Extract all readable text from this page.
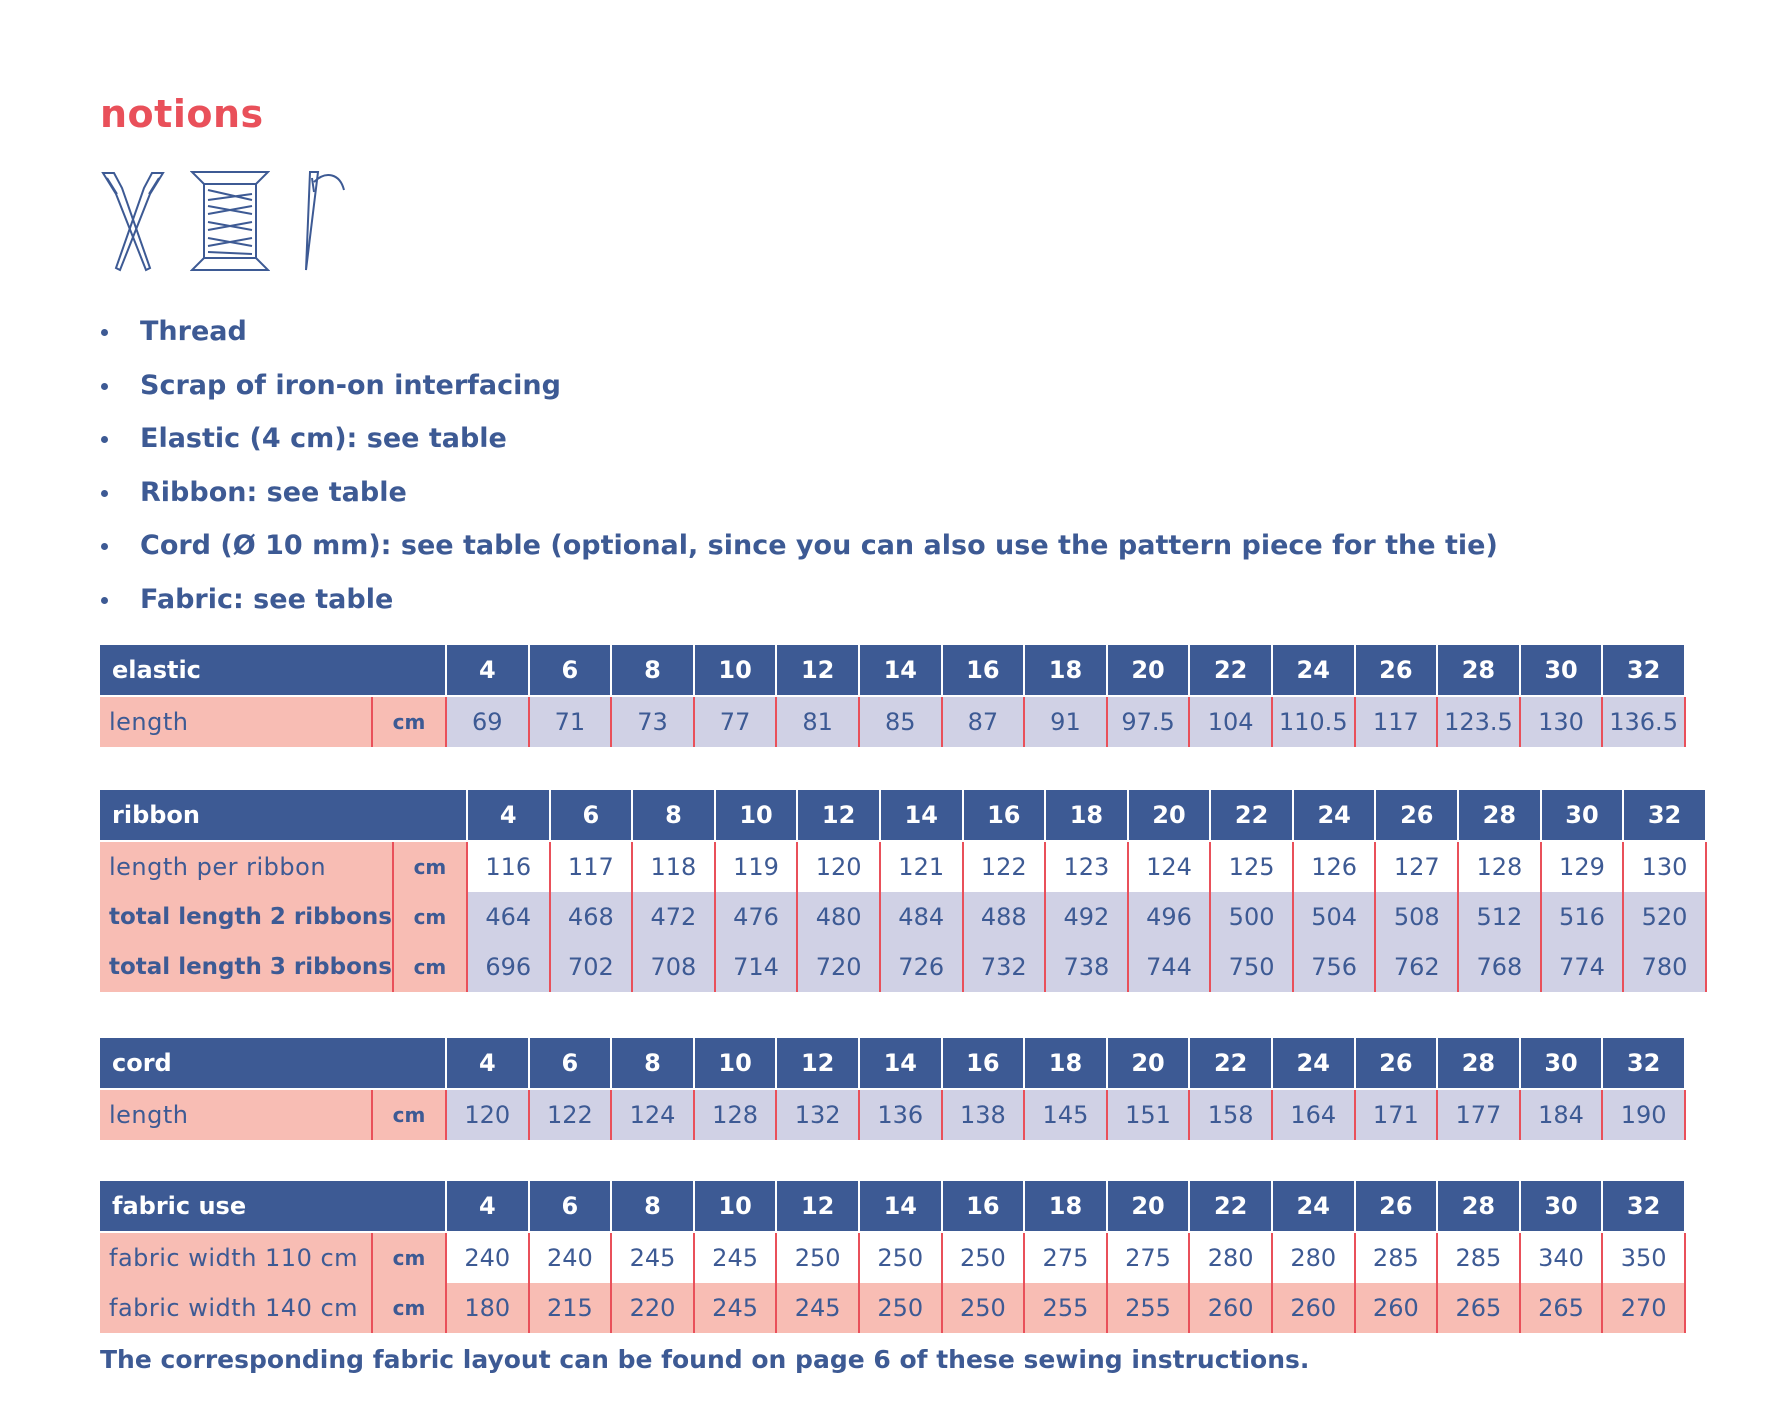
notions
Thread
Scrap of iron-on interfacing
Elastic (4 cm): see table
Ribbon: see table
Cord (Ø 10 mm): see table (optional, since you can also use the pattern piece for the tie)
Fabric: see table
elastic		4	6	8	10	12	14	16	18	20	22	24	26	28	30	32
length	cm	69	71	73	77	81	85	87	91	97.5	104	110.5	117	123.5	130	136.5
ribbon		4	6	8	10	12	14	16	18	20	22	24	26	28	30	32
length per ribbon	cm	116	117	118	119	120	121	122	123	124	125	126	127	128	129	130
total length 2 ribbons	cm	464	468	472	476	480	484	488	492	496	500	504	508	512	516	520
total length 3 ribbons	cm	696	702	708	714	720	726	732	738	744	750	756	762	768	774	780
cord		4	6	8	10	12	14	16	18	20	22	24	26	28	30	32
length	cm	120	122	124	128	132	136	138	145	151	158	164	171	177	184	190
fabric use		4	6	8	10	12	14	16	18	20	22	24	26	28	30	32
fabric width 110 cm	cm	240	240	245	245	250	250	250	275	275	280	280	285	285	340	350
fabric width 140 cm	cm	180	215	220	245	245	250	250	255	255	260	260	260	265	265	270
The corresponding fabric layout can be found on page 6 of these sewing instructions.
